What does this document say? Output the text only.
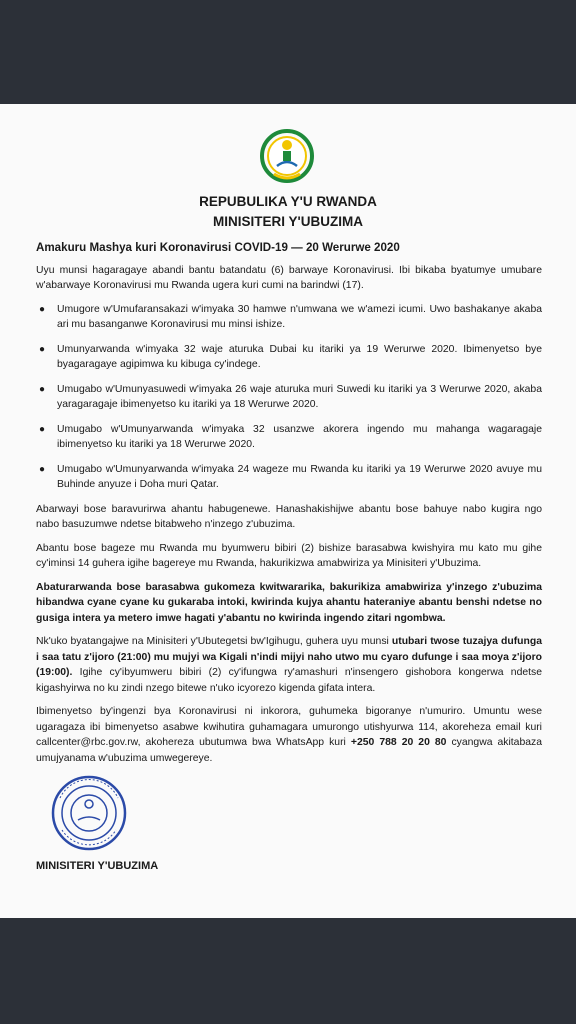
REPUBULIKA Y'U RWANDA
MINISITERI Y'UBUZIMA
Amakuru Mashya kuri Koronavirusi COVID-19 — 20 Werurwe 2020

Uyu munsi hagaragaye abandi bantu batandatu (6) barwaye Koronavirusi. Ibi bikaba byatumye umubare w'abarwaye Koronavirusi mu Rwanda ugera kuri cumi na barindwi (17).

● Umugore w'Umufaransakazi w'imyaka 30 hamwe n'umwana we w'amezi icumi. Uwo bashakanye akaba ari mu basanganwe Koronavirusi mu minsi ishize.
● Umunyarwanda w'imyaka 32 waje aturuka Dubai ku itariki ya 19 Werurwe 2020. Ibimenyetso bye byagaragaye agipimwa ku kibuga cy'indege.
● Umugabo w'Umunyasuwedi w'imyaka 26 waje aturuka muri Suwedi ku itariki ya 3 Werurwe 2020, akaba yaragaragaje ibimenyetso ku itariki ya 18 Werurwe 2020.
● Umugabo w'Umunyarwanda w'imyaka 32 usanzwe akorera ingendo mu mahanga wagaragaje ibimenyetso ku itariki ya 18 Werurwe 2020.
● Umugabo w'Umunyarwanda w'imyaka 24 wageze mu Rwanda ku itariki ya 19 Werurwe 2020 avuye mu Buhinde anyuze i Doha muri Qatar.

Abarwayi bose baravurirwa ahantu habugenewe. Hanashakishijwe abantu bose bahuye nabo kugira ngo nabo basuzumwe ndetse bitabweho n'inzego z'ubuzima.

Abantu bose bageze mu Rwanda mu byumweru bibiri (2) bishize barasabwa kwishyira mu kato mu gihe cy'iminsi 14 guhera igihe bagereye mu Rwanda, hakurikizwa amabwiriza ya Minisiteri y'Ubuzima.

Abaturarwanda bose barasabwa gukomeza kwitwararika, bakurikiza amabwiriza y'inzego z'ubuzima hibandwa cyane cyane ku gukaraba intoki, kwirinda kujya ahantu hateraniye abantu benshi ndetse no gusiga intera ya metero imwe hagati y'abantu no kwirinda ingendo zitari ngombwa.

Nk'uko byatangajwe na Minisiteri y'Ubutegetsi bw'Igihugu, guhera uyu munsi utubari twose tuzajya dufunga i saa tatu z'ijoro (21:00) mu mujyi wa Kigali n'indi mijyi naho utwo mu cyaro dufunge i saa moya z'ijoro (19:00). Igihe cy'ibyumweru bibiri (2) cy'ifungwa ry'amashuri n'insengero gishobora kongerwa ndetse kigashyirwa no ku zindi nzego bitewe n'uko icyorezo kigenda gifata intera.

Ibimenyetso by'ingenzi bya Koronavirusi ni inkorora, guhumeka bigoranye n'umuriro. Umuntu wese ugaragaza ibi bimenyetso asabwe kwihutira guhamagara umurongo utishyurwa 114, akoreheza email kuri callcenter@rbc.gov.rw, akohereza ubutumwa bwa WhatsApp kuri +250 788 20 20 80 cyangwa akitabaza umujyanama w'ubuzima umwegereye.

MINISITERI Y'UBUZIMA
